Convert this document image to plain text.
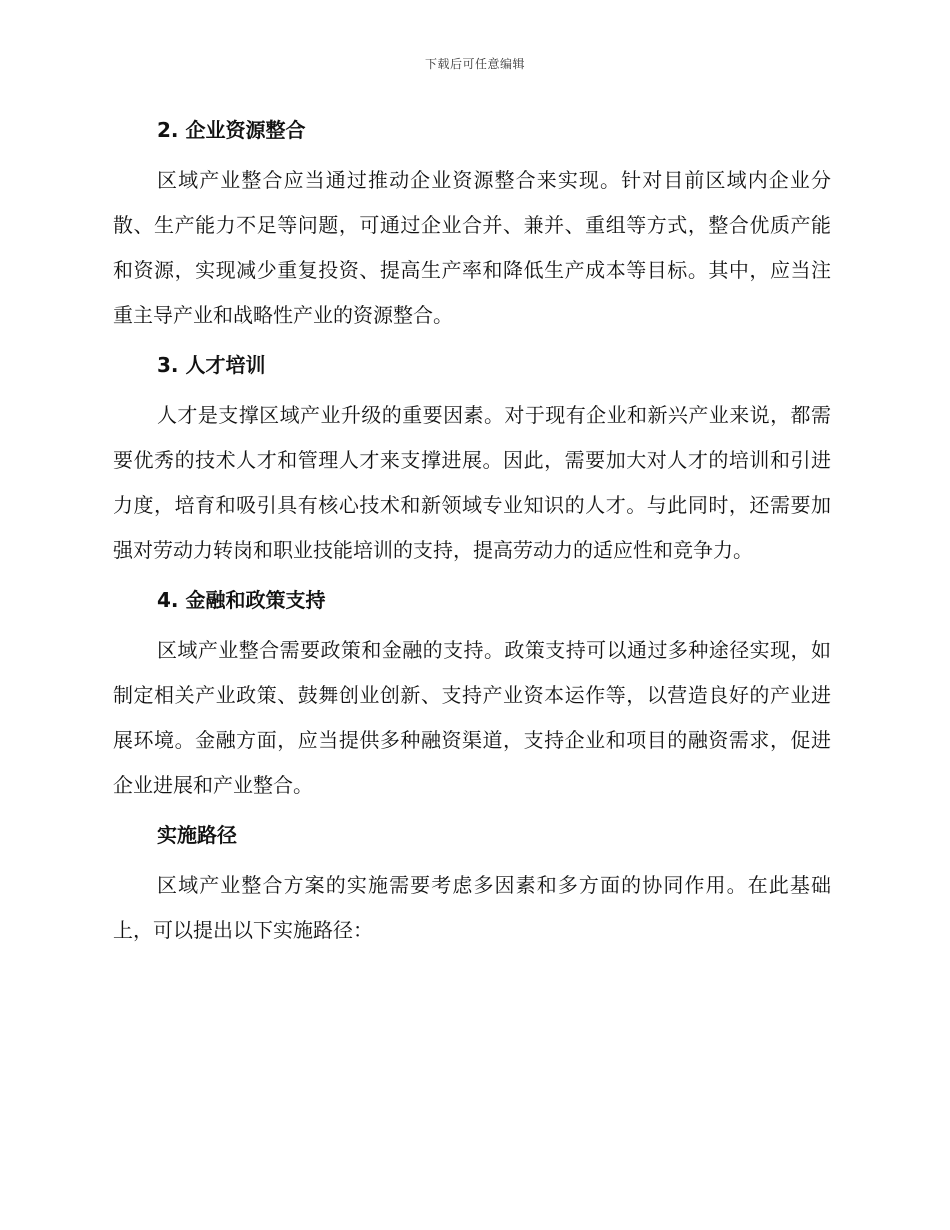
下载后可任意编辑
2. 企业资源整合

区域产业整合应当通过推动企业资源整合来实现。针对目前区域内企业分散、生产能力不足等问题，可通过企业合并、兼并、重组等方式，整合优质产能和资源，实现减少重复投资、提高生产率和降低生产成本等目标。其中，应当注重主导产业和战略性产业的资源整合。

3. 人才培训

人才是支撑区域产业升级的重要因素。对于现有企业和新兴产业来说，都需要优秀的技术人才和管理人才来支撑进展。因此，需要加大对人才的培训和引进力度，培育和吸引具有核心技术和新领域专业知识的人才。与此同时，还需要加强对劳动力转岗和职业技能培训的支持，提高劳动力的适应性和竞争力。

4. 金融和政策支持

区域产业整合需要政策和金融的支持。政策支持可以通过多种途径实现，如制定相关产业政策、鼓舞创业创新、支持产业资本运作等，以营造良好的产业进展环境。金融方面，应当提供多种融资渠道，支持企业和项目的融资需求，促进企业进展和产业整合。

实施路径

区域产业整合方案的实施需要考虑多因素和多方面的协同作用。在此基础上，可以提出以下实施路径：
